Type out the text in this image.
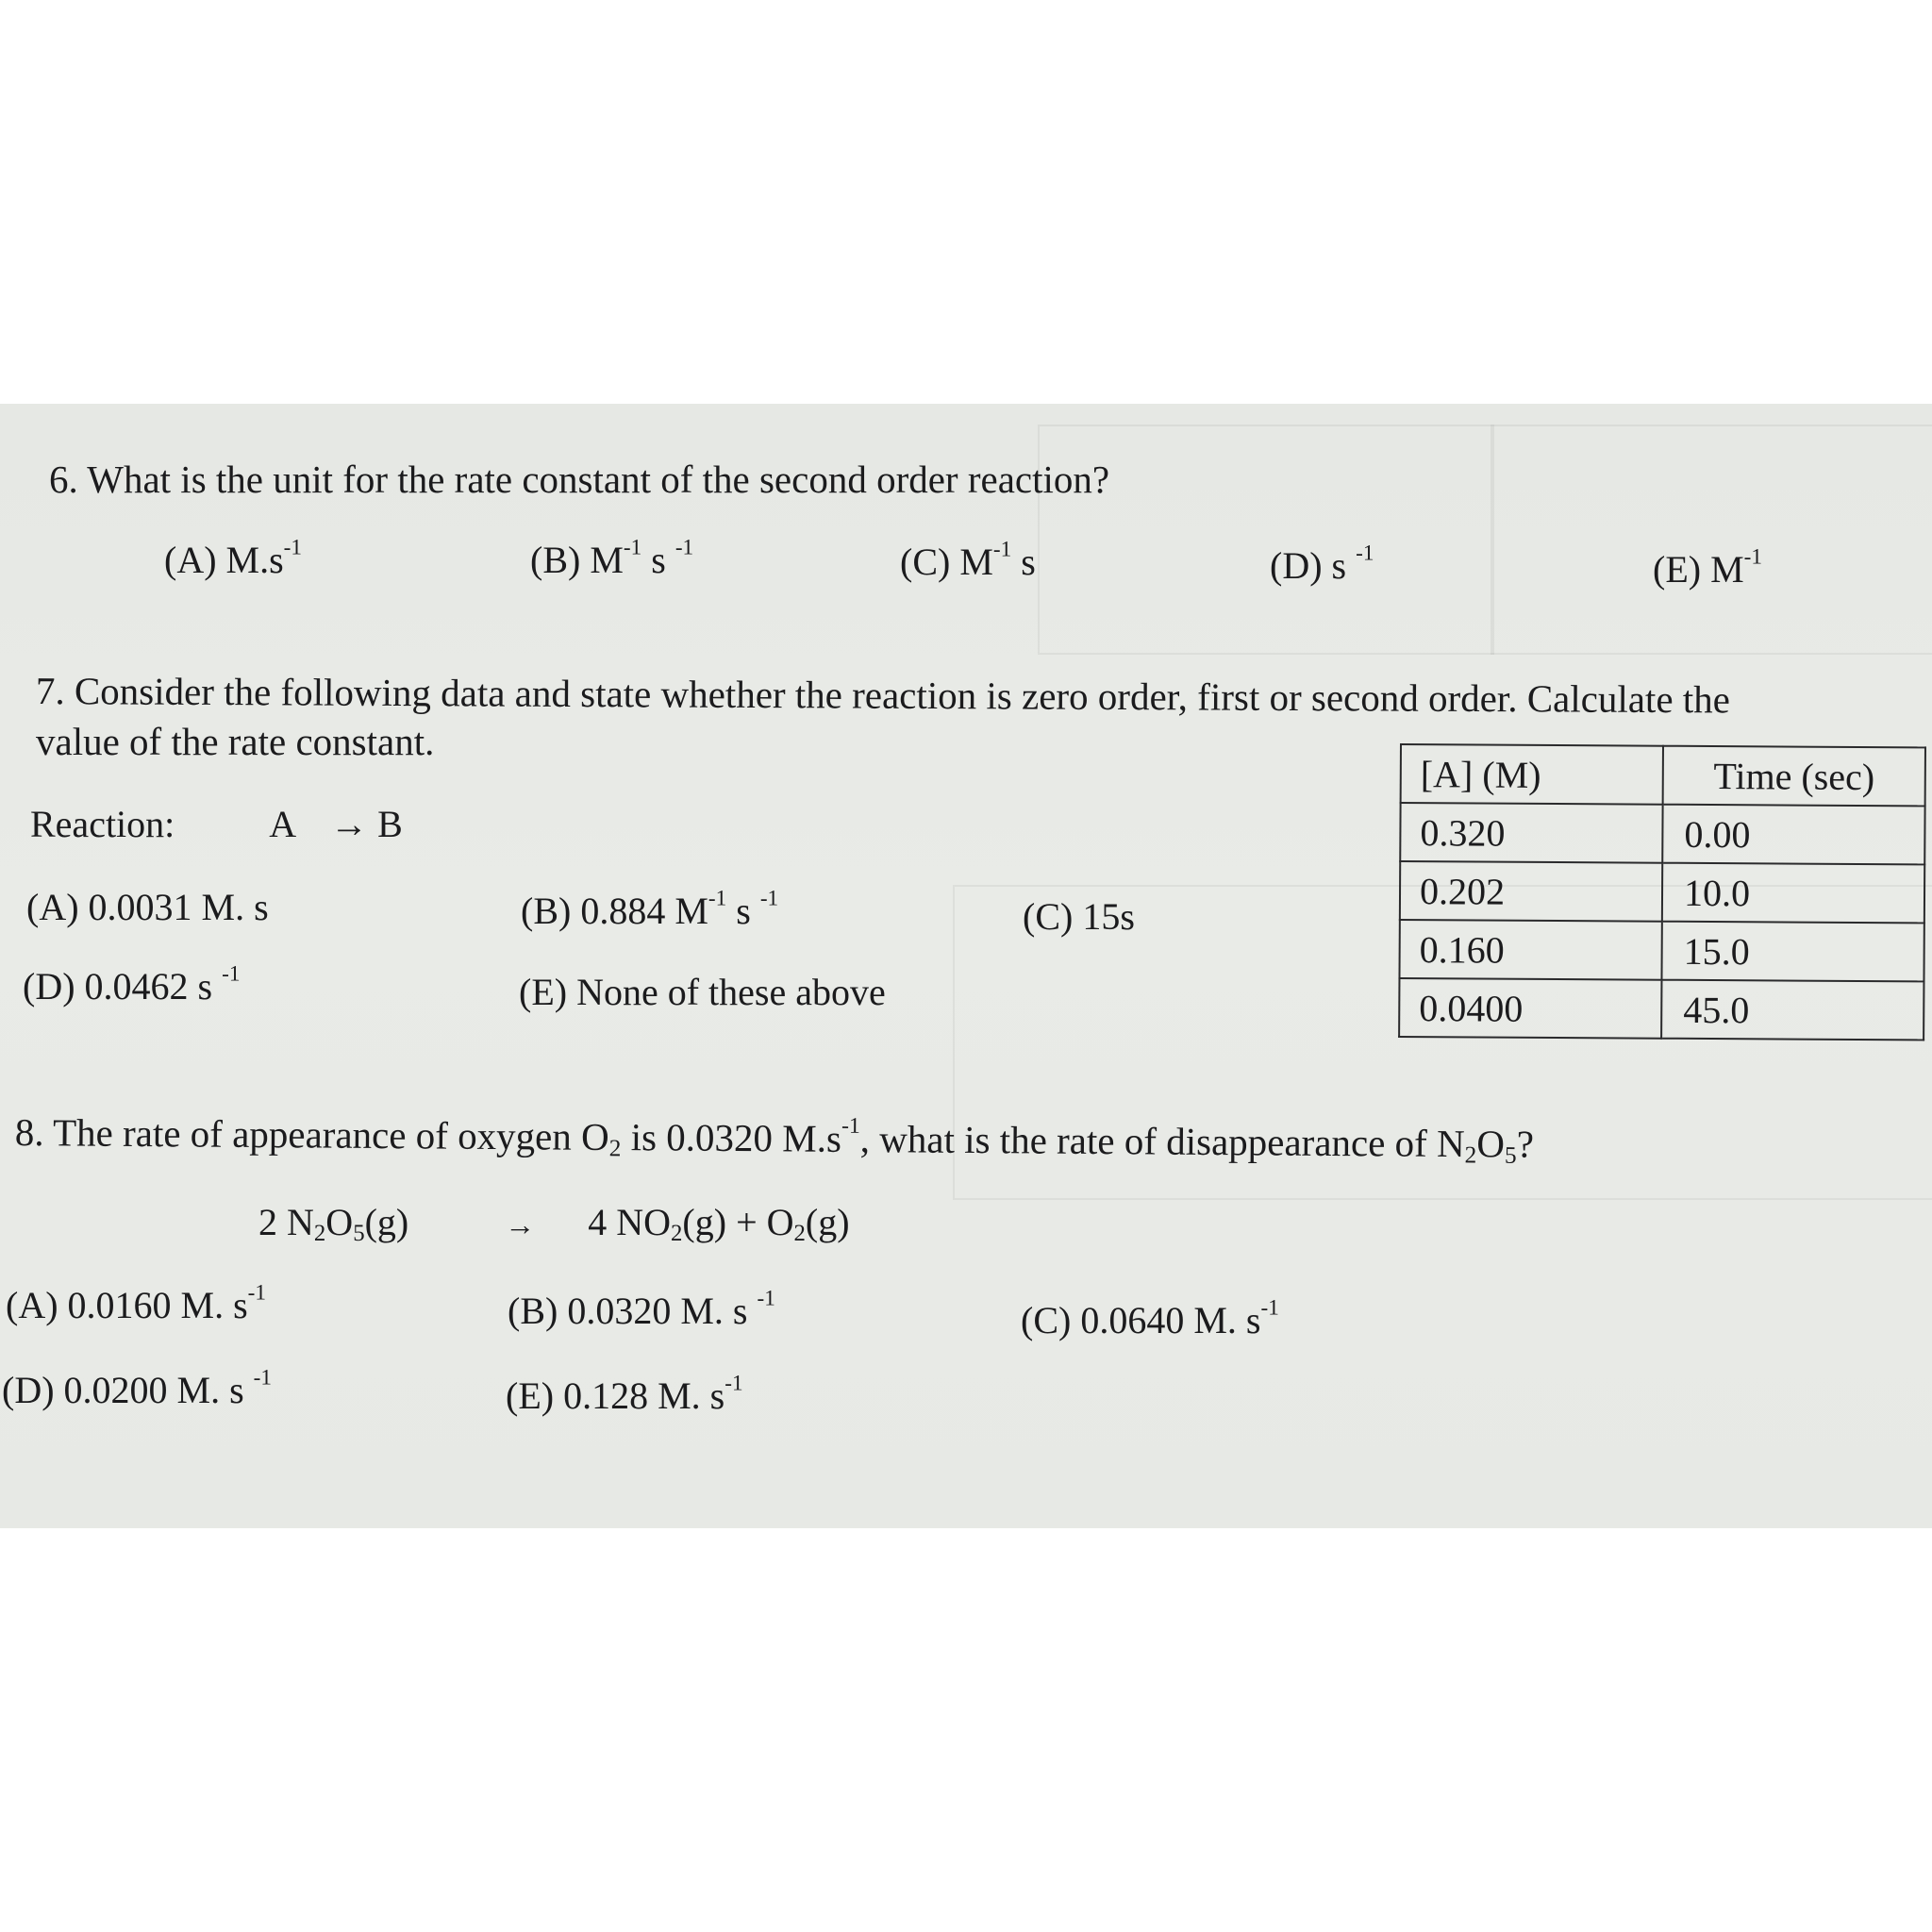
6. What is the unit for the rate constant of the second order reaction?
(A) $M.s^{-1}$	(B) $M^{-1}$ s $^{-1}$	(C) $M^{-1}$ s	(D) s $^{-1}$	(E) $M^{-1}$
7. Consider the following data and state whether the reaction is zero order, first or second order. Calculate the
value of the rate constant.
Reaction:	A → B
[A] (M)	Time (sec)
0.320	0.00
0.202	10.0
0.160	15.0
0.0400	45.0
(A) 0.0031 M. s	(B) 0.884 $M^{-1}$ s $^{-1}$	(C) 15s
(D) 0.0462 s $^{-1}$	(E) None of these above
8. The rate of appearance of oxygen $O_2$ is 0.0320 $M.s^{-1}$, what is the rate of disappearance of $N_2O_5$?
2 $N_2O_5(g)$	→ 4 $NO_2(g) + O_2(g)$
(A) 0.0160 M. $s^{-1}$	(B) 0.0320 M. s $^{-1}$
(C) 0.0640 M. $s^{-1}$
(D) 0.0200 M. s $^{-1}$	(E) 0.128 M. $s^{-1}$
